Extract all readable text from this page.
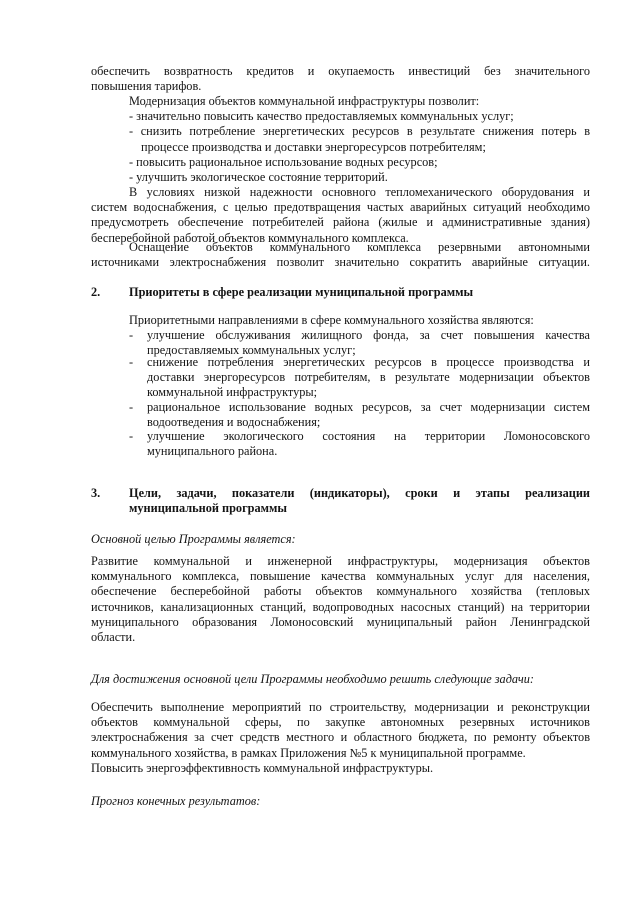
обеспечить возвратность кредитов и окупаемость инвестиций без значительного
повышения тарифов.
Модернизация объектов коммунальной инфраструктуры позволит:
- значительно повысить качество предоставляемых коммунальных услуг;
- снизить потребление энергетических ресурсов в результате снижения потерь в
процессе производства и доставки энергоресурсов потребителям;
- повысить рациональное использование водных ресурсов;
- улучшить экологическое состояние территорий.
В условиях низкой надежности основного тепломеханического оборудования и
систем водоснабжения, с целью предотвращения частых аварийных ситуаций необходимо
предусмотреть обеспечение потребителей района (жилые и административные здания)
бесперебойной работой объектов коммунального комплекса.
Оснащение объектов коммунального комплекса резервными автономными
источниками электроснабжения позволит значительно сократить аварийные ситуации.
2. Приоритеты в сфере реализации муниципальной программы
Приоритетными направлениями в сфере коммунального хозяйства являются:
- улучшение обслуживания жилищного фонда, за счет повышения качества
предоставляемых коммунальных услуг;
- снижение потребления энергетических ресурсов в процессе производства и
доставки энергоресурсов потребителям, в результате модернизации объектов
коммунальной инфраструктуры;
- рациональное использование водных ресурсов, за счет модернизации систем
водоотведения и водоснабжения;
- улучшение экологического состояния на территории Ломоносовского
муниципального района.
3. Цели, задачи, показатели (индикаторы), сроки и этапы реализации
муниципальной программы
Основной целью Программы является:
Развитие коммунальной и инженерной инфраструктуры, модернизация объектов
коммунального комплекса, повышение качества коммунальных услуг для населения,
обеспечение бесперебойной работы объектов коммунального хозяйства (тепловых
источников, канализационных станций, водопроводных насосных станций) на территории
муниципального образования Ломоносовский муниципальный район Ленинградской
области.
Для достижения основной цели Программы необходимо решить следующие задачи:
Обеспечить выполнение мероприятий по строительству, модернизации и реконструкции
объектов коммунальной сферы, по закупке автономных резервных источников
электроснабжения за счет средств местного и областного бюджета, по ремонту объектов
коммунального хозяйства, в рамках Приложения №5 к муниципальной программе.
Повысить энергоэффективность коммунальной инфраструктуры.
Прогноз конечных результатов:
